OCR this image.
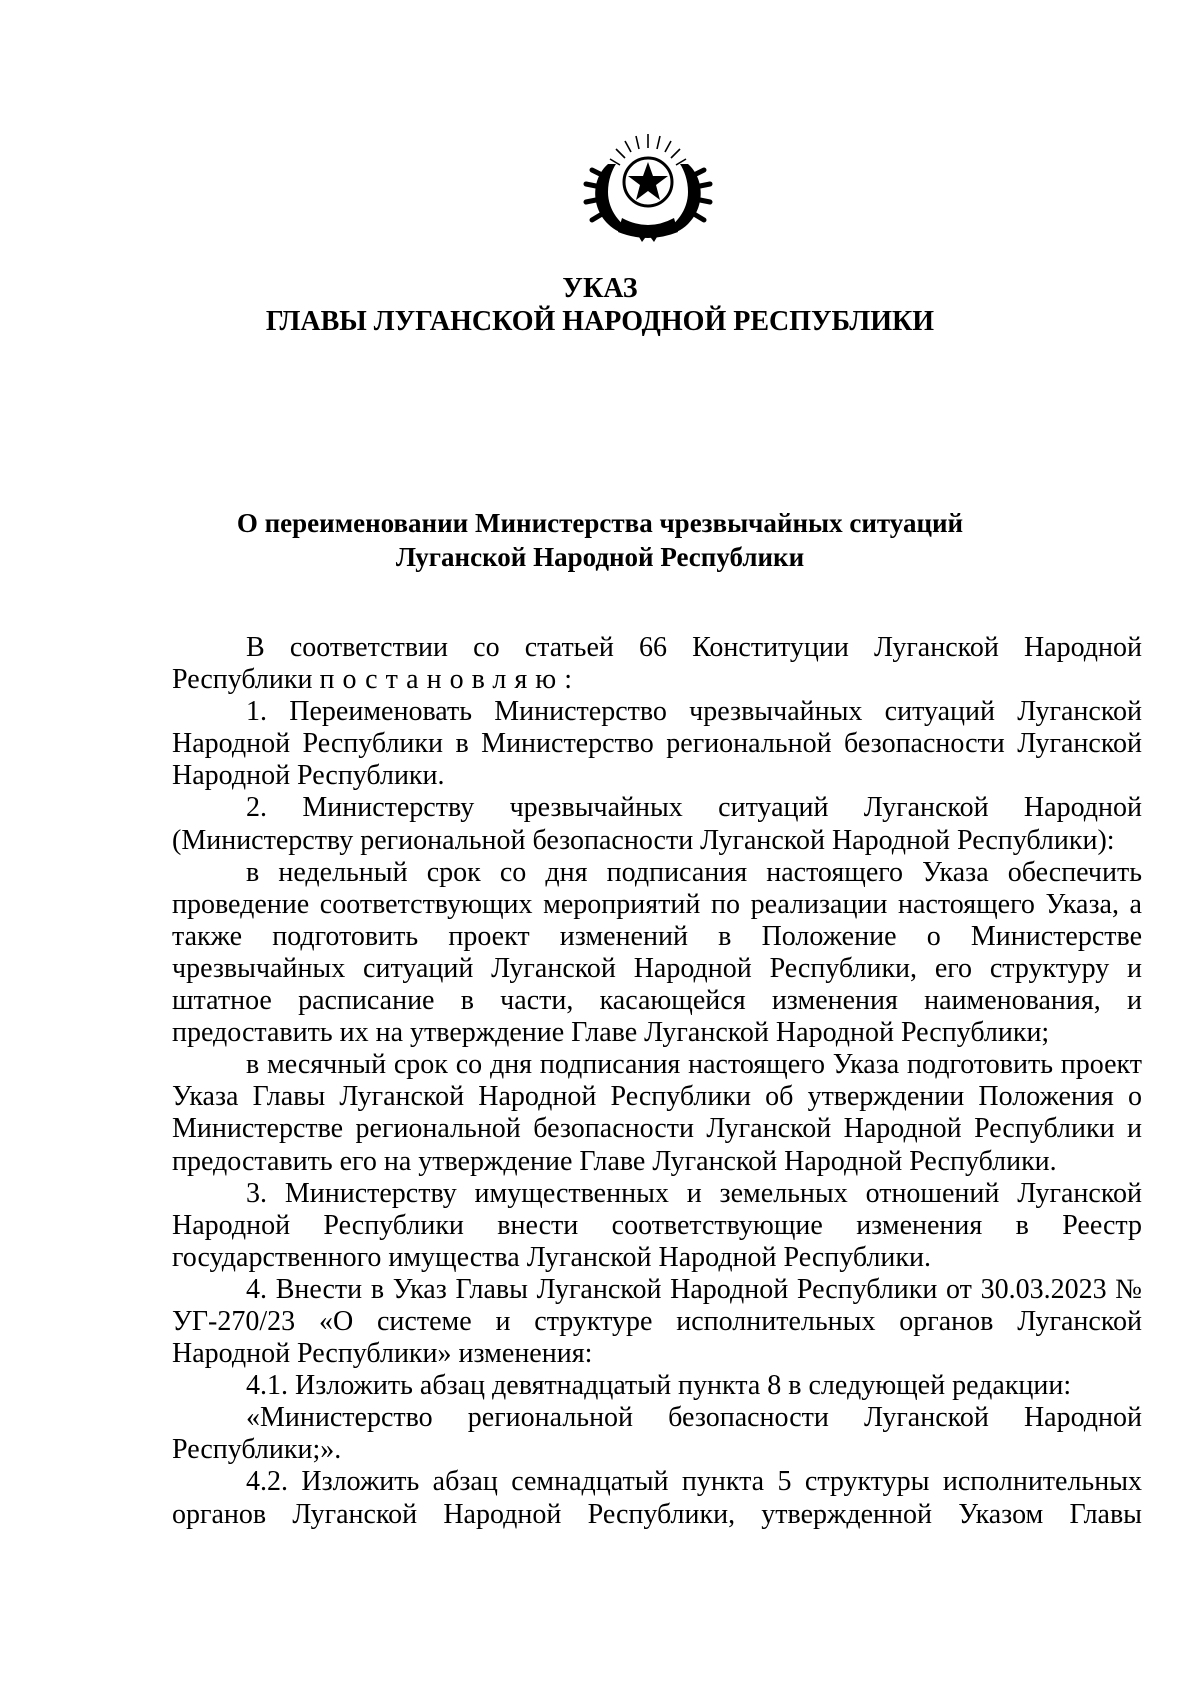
УКАЗ
ГЛАВЫ ЛУГАНСКОЙ НАРОДНОЙ РЕСПУБЛИКИ
О переименовании Министерства чрезвычайных ситуаций
Луганской Народной Республики

В соответствии со статьей 66 Конституции Луганской Народной Республики постановляю:

1. Переименовать Министерство чрезвычайных ситуаций Луганской Народной Республики в Министерство региональной безопасности Луганской Народной Республики.

2. Министерству чрезвычайных ситуаций Луганской Народной (Министерству региональной безопасности Луганской Народной Республики):

в недельный срок со дня подписания настоящего Указа обеспечить проведение соответствующих мероприятий по реализации настоящего Указа, а также подготовить проект изменений в Положение о Министерстве чрезвычайных ситуаций Луганской Народной Республики, его структуру и штатное расписание в части, касающейся изменения наименования, и предоставить их на утверждение Главе Луганской Народной Республики;

в месячный срок со дня подписания настоящего Указа подготовить проект Указа Главы Луганской Народной Республики об утверждении Положения о Министерстве региональной безопасности Луганской Народной Республики и предоставить его на утверждение Главе Луганской Народной Республики.

3. Министерству имущественных и земельных отношений Луганской Народной Республики внести соответствующие изменения в Реестр государственного имущества Луганской Народной Республики.

4. Внести в Указ Главы Луганской Народной Республики от 30.03.2023 № УГ-270/23 «О системе и структуре исполнительных органов Луганской Народной Республики» изменения:

4.1. Изложить абзац девятнадцатый пункта 8 в следующей редакции:

«Министерство региональной безопасности Луганской Народной Республики;».

4.2. Изложить абзац семнадцатый пункта 5 структуры исполнительных органов Луганской Народной Республики, утвержденной Указом Главы
